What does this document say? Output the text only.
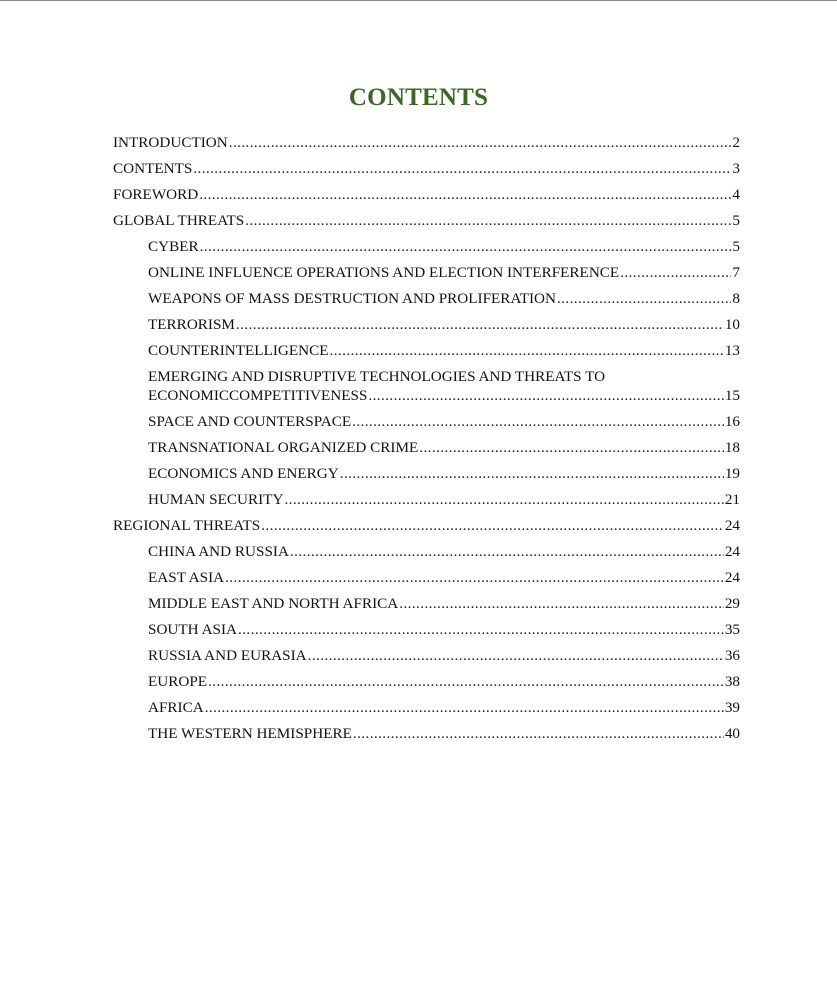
CONTENTS
INTRODUCTION .....	2
CONTENTS .....	3
FOREWORD .....	4
GLOBAL THREATS .....	5
CYBER .....	5
ONLINE INFLUENCE OPERATIONS AND ELECTION INTERFERENCE .....	7
WEAPONS OF MASS DESTRUCTION AND PROLIFERATION .....	8
TERRORISM .....	10
COUNTERINTELLIGENCE .....	13
EMERGING AND DISRUPTIVE TECHNOLOGIES AND THREATS TO
ECONOMICCOMPETITIVENESS .....	15
SPACE AND COUNTERSPACE .....	16
TRANSNATIONAL ORGANIZED CRIME .....	18
ECONOMICS AND ENERGY .....	19
HUMAN SECURITY .....	21
REGIONAL THREATS .....	24
CHINA AND RUSSIA .....	24
EAST ASIA .....	24
MIDDLE EAST AND NORTH AFRICA .....	29
SOUTH ASIA .....	35
RUSSIA AND EURASIA .....	36
EUROPE .....	38
AFRICA .....	39
THE WESTERN HEMISPHERE .....	40
